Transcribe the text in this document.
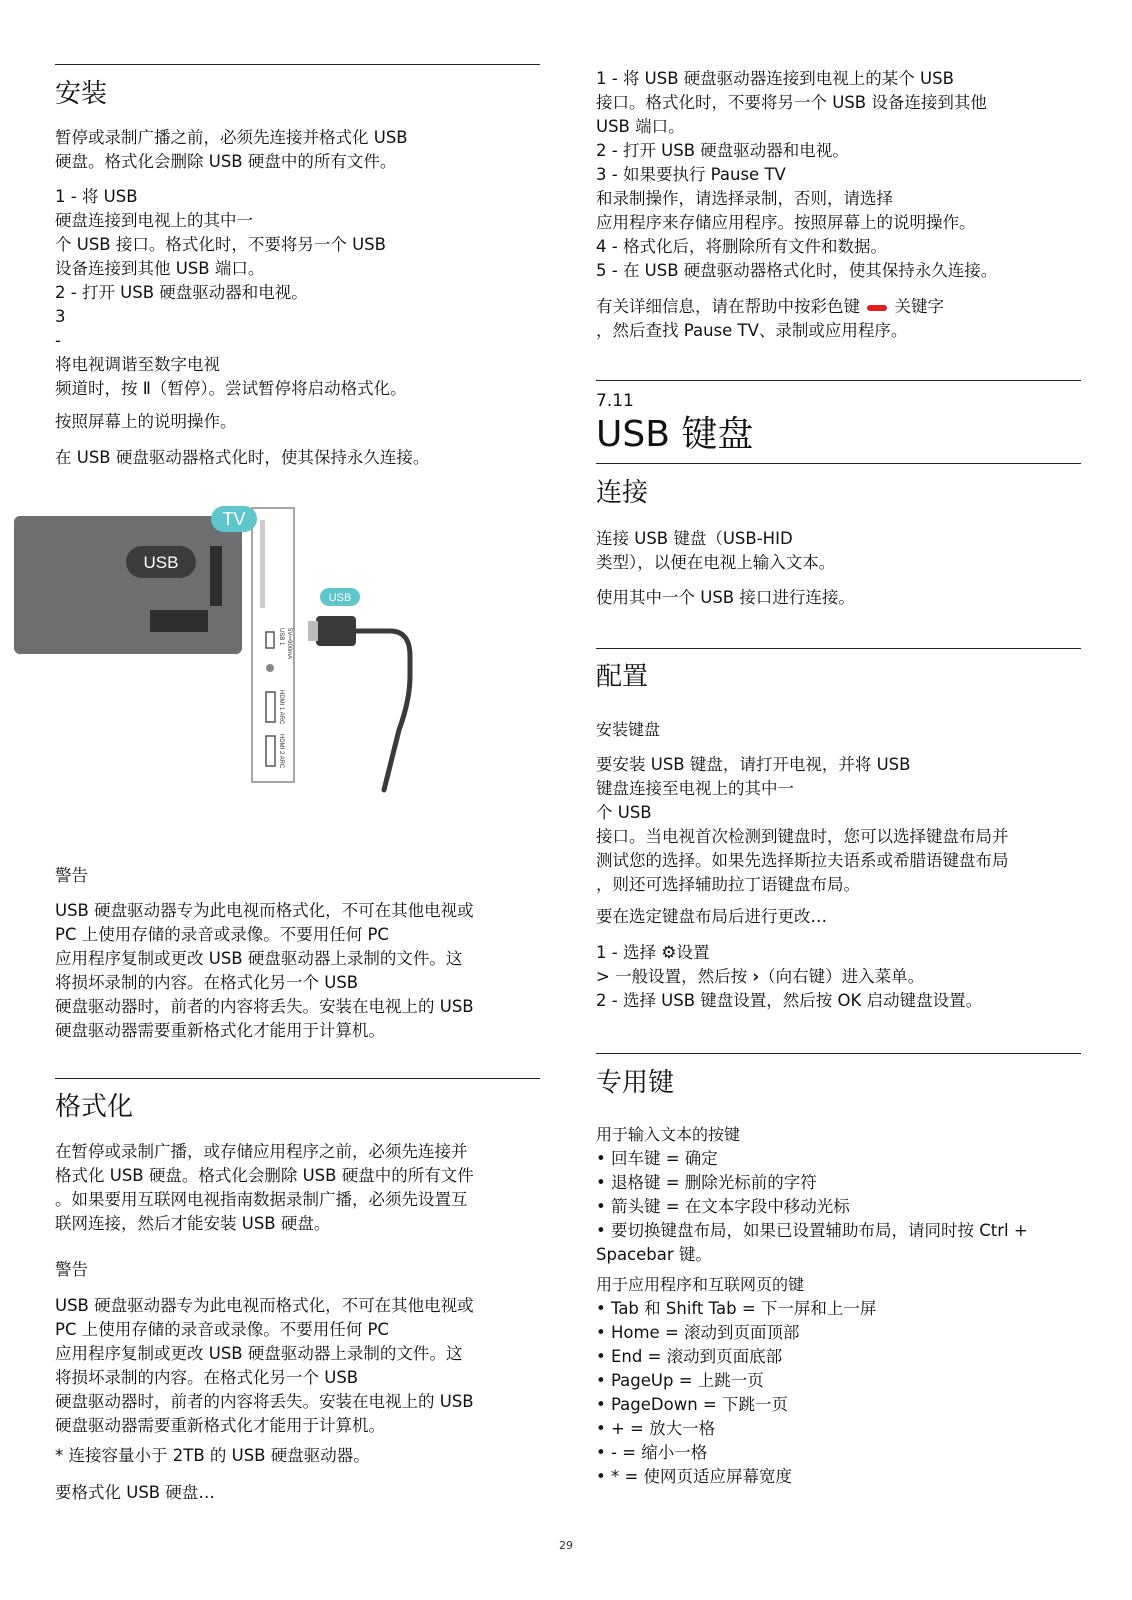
安装

暂停或录制广播之前，必须先连接并格式化 USB
硬盘。格式化会删除 USB 硬盘中的所有文件。

1 - 将 USB
硬盘连接到电视上的其中一
个 USB 接口。格式化时，不要将另一个 USB
设备连接到其他 USB 端口。
2 - 打开 USB 硬盘驱动器和电视。
3
-
将电视调谐至数字电视
频道时，按 Ⅱ（暂停）。尝试暂停将启动格式化。

按照屏幕上的说明操作。

在 USB 硬盘驱动器格式化时，使其保持永久连接。

警告

USB 硬盘驱动器专为此电视而格式化，不可在其他电视或
PC 上使用存储的录音或录像。不要用任何 PC
应用程序复制或更改 USB 硬盘驱动器上录制的文件。这
将损坏录制的内容。在格式化另一个 USB
硬盘驱动器时，前者的内容将丢失。安装在电视上的 USB
硬盘驱动器需要重新格式化才能用于计算机。

格式化

在暂停或录制广播，或存储应用程序之前，必须先连接并
格式化 USB 硬盘。格式化会删除 USB 硬盘中的所有文件
。如果要用互联网电视指南数据录制广播，必须先设置互
联网连接，然后才能安装 USB 硬盘。

警告

USB 硬盘驱动器专为此电视而格式化，不可在其他电视或
PC 上使用存储的录音或录像。不要用任何 PC
应用程序复制或更改 USB 硬盘驱动器上录制的文件。这
将损坏录制的内容。在格式化另一个 USB
硬盘驱动器时，前者的内容将丢失。安装在电视上的 USB
硬盘驱动器需要重新格式化才能用于计算机。

* 连接容量小于 2TB 的 USB 硬盘驱动器。

要格式化 USB 硬盘…

TV
USB
USB 1 5V⎓900mA
HDMI 1 ARC
HDMI 2 ARC
USB

1 - 将 USB 硬盘驱动器连接到电视上的某个 USB
接口。格式化时，不要将另一个 USB 设备连接到其他
USB 端口。
2 - 打开 USB 硬盘驱动器和电视。
3 - 如果要执行 Pause TV
和录制操作，请选择录制，否则，请选择
应用程序来存储应用程序。按照屏幕上的说明操作。
4 - 格式化后，将删除所有文件和数据。
5 - 在 USB 硬盘驱动器格式化时，使其保持永久连接。

有关详细信息，请在帮助中按彩色键 关键字
，然后查找 Pause TV、录制或应用程序。

7.11
USB 键盘
连接

连接 USB 键盘（USB-HID
类型），以便在电视上输入文本。

使用其中一个 USB 接口进行连接。

配置

安装键盘

要安装 USB 键盘，请打开电视，并将 USB
键盘连接至电视上的其中一
个 USB
接口。当电视首次检测到键盘时，您可以选择键盘布局并
测试您的选择。如果先选择斯拉夫语系或希腊语键盘布局
，则还可选择辅助拉丁语键盘布局。

要在选定键盘布局后进行更改…

1 - 选择 ⚙设置
> 一般设置，然后按 ›（向右键）进入菜单。
2 - 选择 USB 键盘设置，然后按 OK 启动键盘设置。

专用键

用于输入文本的按键

• 回车键 = 确定
• 退格键 = 删除光标前的字符
• 箭头键 = 在文本字段中移动光标
• 要切换键盘布局，如果已设置辅助布局，请同时按 Ctrl +
Spacebar 键。

用于应用程序和互联网页的键

• Tab 和 Shift Tab = 下一屏和上一屏
• Home = 滚动到页面顶部
• End = 滚动到页面底部
• PageUp = 上跳一页
• PageDown = 下跳一页
• + = 放大一格
• - = 缩小一格
• * = 使网页适应屏幕宽度

29
